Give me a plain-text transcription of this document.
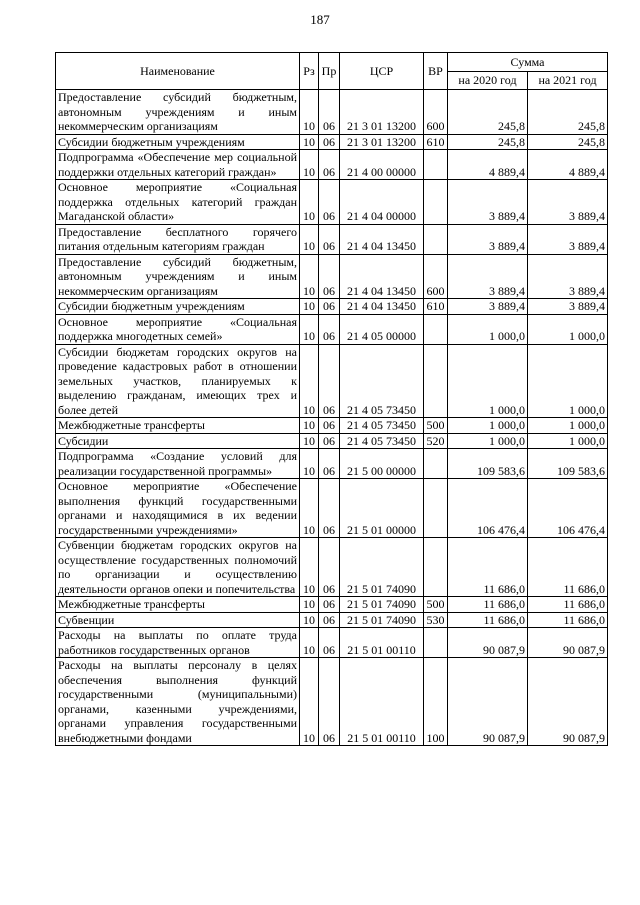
187
Наименование	Рз	Пр	ЦСР	ВР	Сумма	
					на 2020 год	на 2021 год
Предоставление субсидий бюджетным, автономным учреждениям и иным некоммерческим организациям	10	06	21 3 01 13200	600	245,8	245,8
Субсидии бюджетным учреждениям	10	06	21 3 01 13200	610	245,8	245,8
Подпрограмма «Обеспечение мер социальной поддержки отдельных категорий граждан»	10	06	21 4 00 00000		4 889,4	4 889,4
Основное мероприятие «Социальная поддержка отдельных категорий граждан Магаданской области»	10	06	21 4 04 00000		3 889,4	3 889,4
Предоставление бесплатного горячего питания отдельным категориям граждан	10	06	21 4 04 13450		3 889,4	3 889,4
Предоставление субсидий бюджетным, автономным учреждениям и иным некоммерческим организациям	10	06	21 4 04 13450	600	3 889,4	3 889,4
Субсидии бюджетным учреждениям	10	06	21 4 04 13450	610	3 889,4	3 889,4
Основное мероприятие «Социальная поддержка многодетных семей»	10	06	21 4 05 00000		1 000,0	1 000,0
Субсидии бюджетам городских округов на проведение кадастровых работ в отношении земельных участков, планируемых к выделению гражданам, имеющих трех и более детей	10	06	21 4 05 73450		1 000,0	1 000,0
Межбюджетные трансферты	10	06	21 4 05 73450	500	1 000,0	1 000,0
Субсидии	10	06	21 4 05 73450	520	1 000,0	1 000,0
Подпрограмма «Создание условий для реализации государственной программы»	10	06	21 5 00 00000		109 583,6	109 583,6
Основное мероприятие «Обеспечение выполнения функций государственными органами и находящимися в их ведении государственными учреждениями»	10	06	21 5 01 00000		106 476,4	106 476,4
Субвенции бюджетам городских округов на осуществление государственных полномочий по организации и осуществлению деятельности органов опеки и попечительства	10	06	21 5 01 74090		11 686,0	11 686,0
Межбюджетные трансферты	10	06	21 5 01 74090	500	11 686,0	11 686,0
Субвенции	10	06	21 5 01 74090	530	11 686,0	11 686,0
Расходы на выплаты по оплате труда работников государственных органов	10	06	21 5 01 00110		90 087,9	90 087,9
Расходы на выплаты персоналу в целях обеспечения выполнения функций государственными (муниципальными) органами, казенными учреждениями, органами управления государственными внебюджетными фондами	10	06	21 5 01 00110	100	90 087,9	90 087,9
